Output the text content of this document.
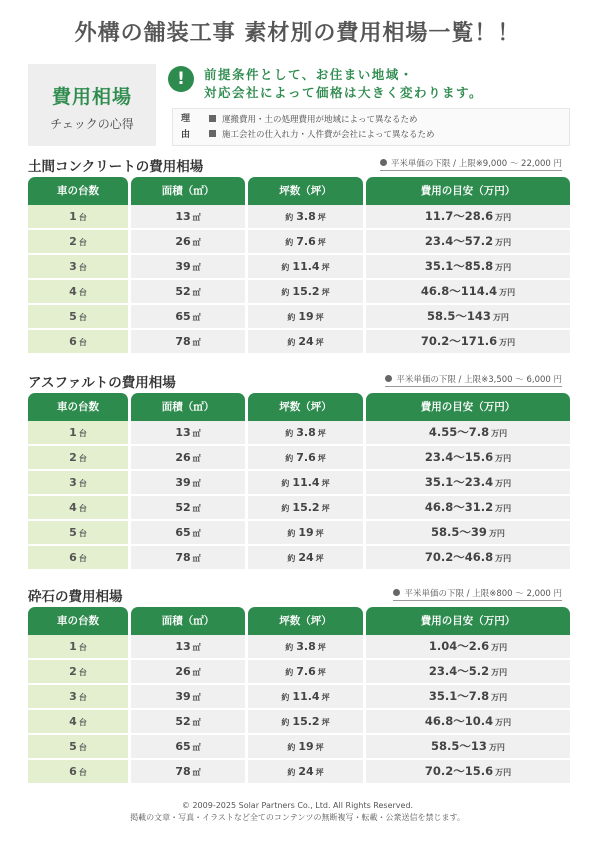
外構の舗装工事 素材別の費用相場一覧！！
費用相場
チェックの心得
!	前提条件として、お住まい地域・
対応会社によって価格は大きく変わります。
理由
運搬費用・土の処理費用が地域によって異なるため
施工会社の仕入れ力・人件費が会社によって異なるため
土間コンクリートの費用相場	平米単価の下限 / 上限※9,000 〜 22,000 円
車の台数	面積（㎡）	坪数（坪）	費用の目安（万円）
1 台	13 ㎡	約 3.8 坪	11.7〜28.6 万円
2 台	26 ㎡	約 7.6 坪	23.4〜57.2 万円
3 台	39 ㎡	約 11.4 坪	35.1〜85.8 万円
4 台	52 ㎡	約 15.2 坪	46.8〜114.4 万円
5 台	65 ㎡	約 19 坪	58.5〜143 万円
6 台	78 ㎡	約 24 坪	70.2〜171.6 万円
アスファルトの費用相場	平米単価の下限 / 上限※3,500 〜 6,000 円
車の台数	面積（㎡）	坪数（坪）	費用の目安（万円）
1 台	13 ㎡	約 3.8 坪	4.55〜7.8 万円
2 台	26 ㎡	約 7.6 坪	23.4〜15.6 万円
3 台	39 ㎡	約 11.4 坪	35.1〜23.4 万円
4 台	52 ㎡	約 15.2 坪	46.8〜31.2 万円
5 台	65 ㎡	約 19 坪	58.5〜39 万円
6 台	78 ㎡	約 24 坪	70.2〜46.8 万円
砕石の費用相場	平米単価の下限 / 上限※800 〜 2,000 円
車の台数	面積（㎡）	坪数（坪）	費用の目安（万円）
1 台	13 ㎡	約 3.8 坪	1.04〜2.6 万円
2 台	26 ㎡	約 7.6 坪	23.4〜5.2 万円
3 台	39 ㎡	約 11.4 坪	35.1〜7.8 万円
4 台	52 ㎡	約 15.2 坪	46.8〜10.4 万円
5 台	65 ㎡	約 19 坪	58.5〜13 万円
6 台	78 ㎡	約 24 坪	70.2〜15.6 万円
© 2009-2025 Solar Partners Co., Ltd. All Rights Reserved.
掲載の文章・写真・イラストなど全てのコンテンツの無断複写・転載・公衆送信を禁じます。
